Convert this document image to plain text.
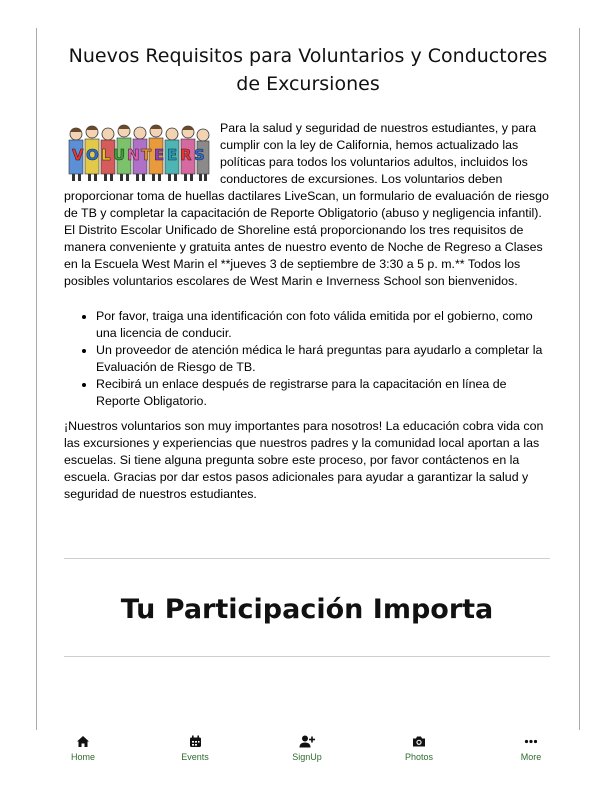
Nuevos Requisitos para Voluntarios y Conductores de Excursiones
V O L U N T E E R S

Para la salud y seguridad de nuestros estudiantes, y para cumplir con la ley de California, hemos actualizado las políticas para todos los voluntarios adultos, incluidos los conductores de excursiones. Los voluntarios deben proporcionar toma de huellas dactilares LiveScan, un formulario de evaluación de riesgo de TB y completar la capacitación de Reporte Obligatorio (abuso y negligencia infantil).

El Distrito Escolar Unificado de Shoreline está proporcionando los tres requisitos de manera conveniente y gratuita antes de nuestro evento de Noche de Regreso a Clases en la Escuela West Marin el **jueves 3 de septiembre de 3:30 a 5 p. m.** Todos los posibles voluntarios escolares de West Marin e Inverness School son bienvenidos.

• Por favor, traiga una identificación con foto válida emitida por el gobierno, como una licencia de conducir.
• Un proveedor de atención médica le hará preguntas para ayudarlo a completar la Evaluación de Riesgo de TB.
• Recibirá un enlace después de registrarse para la capacitación en línea de Reporte Obligatorio.

¡Nuestros voluntarios son muy importantes para nosotros! La educación cobra vida con las excursiones y experiencias que nuestros padres y la comunidad local aportan a las escuelas. Si tiene alguna pregunta sobre este proceso, por favor contáctenos en la escuela. Gracias por dar estos pasos adicionales para ayudar a garantizar la salud y seguridad de nuestros estudiantes.

Tu Participación Importa
Home	Events	SignUp	Photos	More
